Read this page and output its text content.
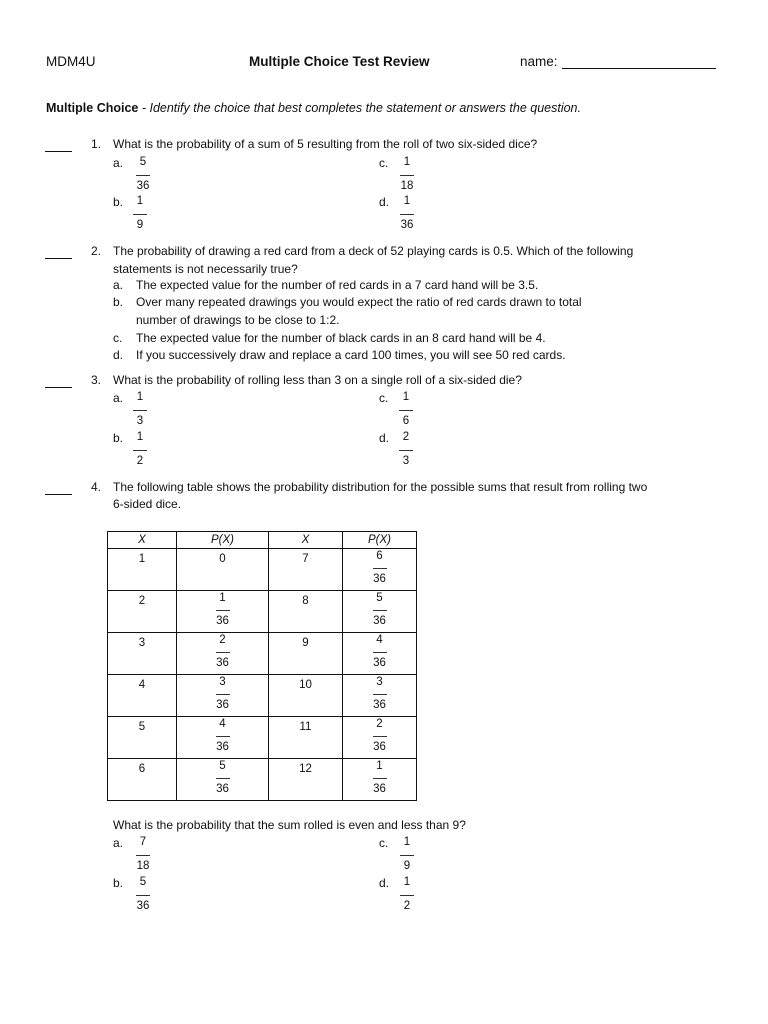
MDM4U	Multiple Choice Test Review	name:
Multiple Choice - Identify the choice that best completes the statement or answers the question.
1. What is the probability of a sum of 5 resulting from the roll of two six-sided dice?
a. 5
36
b. 1
9
c. 1
18
d. 1
36
2. The probability of drawing a red card from a deck of 52 playing cards is 0.5. Which of the following
statements is not necessarily true?
a. The expected value for the number of red cards in a 7 card hand will be 3.5.
b. Over many repeated drawings you would expect the ratio of red cards drawn to total
number of drawings to be close to 1:2.
c. The expected value for the number of black cards in an 8 card hand will be 4.
d. If you successively draw and replace a card 100 times, you will see 50 red cards.
3. What is the probability of rolling less than 3 on a single roll of a six-sided die?
a. 1
3
b. 1
2
c. 1
6
d. 2
3
4. The following table shows the probability distribution for the possible sums that result from rolling two
6-sided dice.
X	P(X)	X	P(X)

1	0	7	$\frac{6}{36}$

2	$\frac{1}{36}$	8	$\frac{5}{36}$

3	$\frac{2}{36}$	9	$\frac{4}{36}$

4	$\frac{3}{36}$	10	$\frac{3}{36}$

5	$\frac{4}{36}$	11	$\frac{2}{36}$

6	$\frac{5}{36}$	12	$\frac{1}{36}$
What is the probability that the sum rolled is even and less than 9?
a. 7
18
b. 5
36
c. 1
9
d. 1
2
